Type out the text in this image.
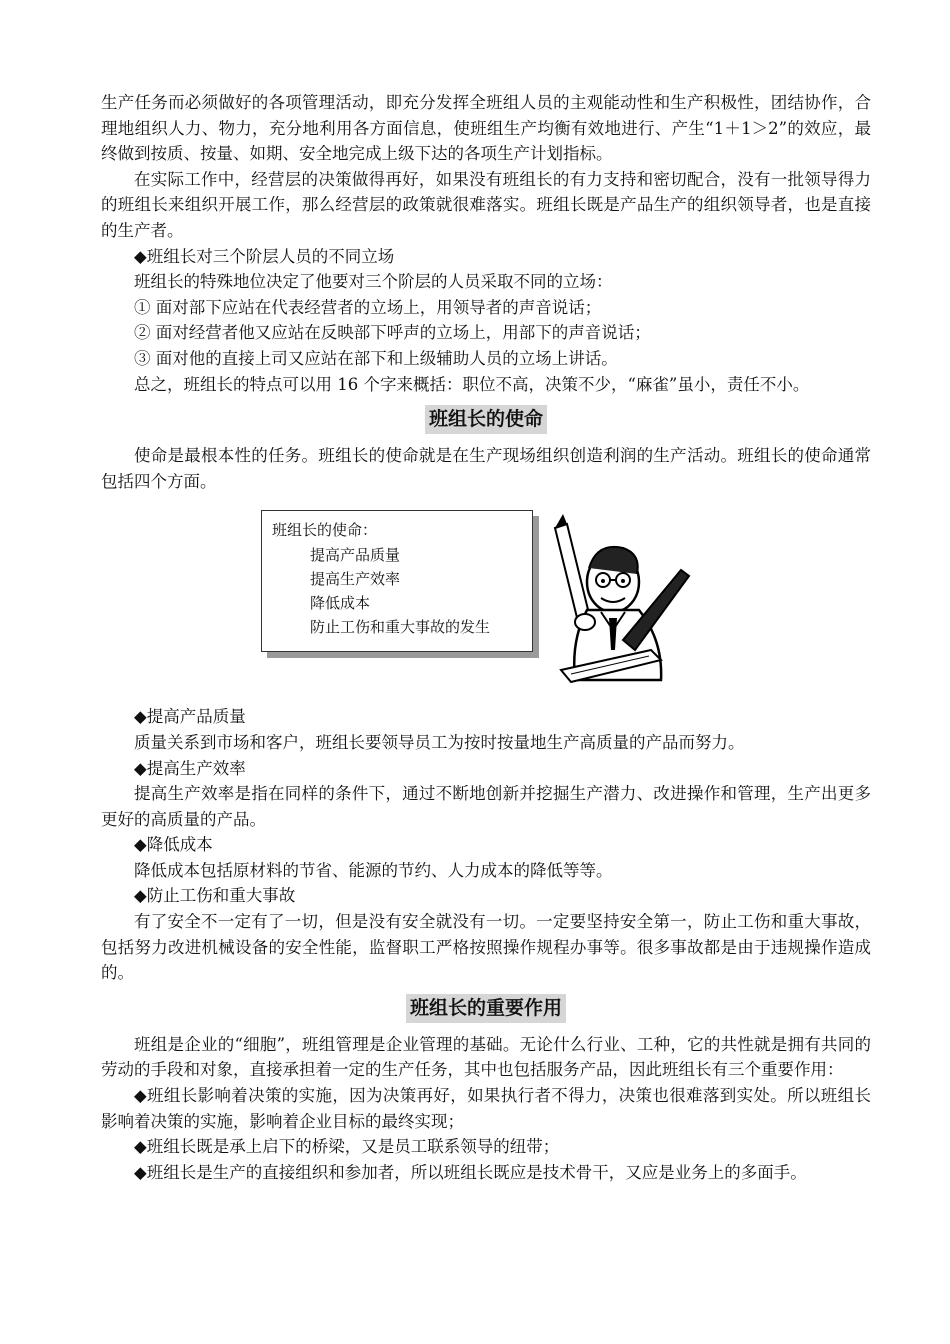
生产任务而必须做好的各项管理活动，即充分发挥全班组人员的主观能动性和生产积极性，团结协作，合理地组织人力、物力，充分地利用各方面信息，使班组生产均衡有效地进行、产生“1＋1＞2”的效应，最终做到按质、按量、如期、安全地完成上级下达的各项生产计划指标。

在实际工作中，经营层的决策做得再好，如果没有班组长的有力支持和密切配合，没有一批领导得力的班组长来组织开展工作，那么经营层的政策就很难落实。班组长既是产品生产的组织领导者，也是直接的生产者。

◆班组长对三个阶层人员的不同立场

班组长的特殊地位决定了他要对三个阶层的人员采取不同的立场：

① 面对部下应站在代表经营者的立场上，用领导者的声音说话；

② 面对经营者他又应站在反映部下呼声的立场上，用部下的声音说话；

③ 面对他的直接上司又应站在部下和上级辅助人员的立场上讲话。

总之，班组长的特点可以用 16 个字来概括：职位不高，决策不少，“麻雀”虽小，责任不小。

班组长的使命

使命是最根本性的任务。班组长的使命就是在生产现场组织创造利润的生产活动。班组长的使命通常包括四个方面。

班组长的使命：
提高产品质量
提高生产效率
降低成本
防止工伤和重大事故的发生

◆提高产品质量

质量关系到市场和客户，班组长要领导员工为按时按量地生产高质量的产品而努力。

◆提高生产效率

提高生产效率是指在同样的条件下，通过不断地创新并挖掘生产潜力、改进操作和管理，生产出更多更好的高质量的产品。

◆降低成本

降低成本包括原材料的节省、能源的节约、人力成本的降低等等。

◆防止工伤和重大事故

有了安全不一定有了一切，但是没有安全就没有一切。一定要坚持安全第一，防止工伤和重大事故，包括努力改进机械设备的安全性能，监督职工严格按照操作规程办事等。很多事故都是由于违规操作造成的。

班组长的重要作用

班组是企业的“细胞”，班组管理是企业管理的基础。无论什么行业、工种，它的共性就是拥有共同的劳动的手段和对象，直接承担着一定的生产任务，其中也包括服务产品，因此班组长有三个重要作用：

◆班组长影响着决策的实施，因为决策再好，如果执行者不得力，决策也很难落到实处。所以班组长影响着决策的实施，影响着企业目标的最终实现；

◆班组长既是承上启下的桥梁，又是员工联系领导的纽带；

◆班组长是生产的直接组织和参加者，所以班组长既应是技术骨干，又应是业务上的多面手。
